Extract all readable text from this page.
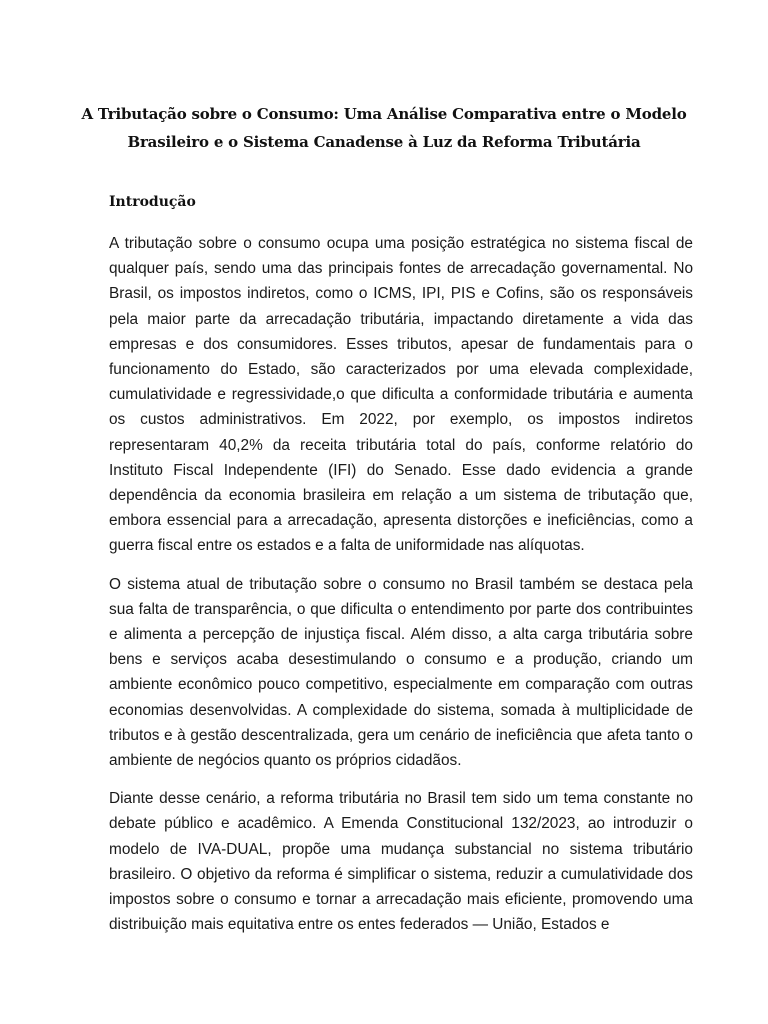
A Tributação sobre o Consumo: Uma Análise Comparativa entre o Modelo Brasileiro e o Sistema Canadense à Luz da Reforma Tributária
Introdução

A tributação sobre o consumo ocupa uma posição estratégica no sistema fiscal de qualquer país, sendo uma das principais fontes de arrecadação governamental. No Brasil, os impostos indiretos, como o ICMS, IPI, PIS e Cofins, são os responsáveis pela maior parte da arrecadação tributária, impactando diretamente a vida das empresas e dos consumidores. Esses tributos, apesar de fundamentais para o funcionamento do Estado, são caracterizados por uma elevada complexidade, cumulatividade e regressividade,o que dificulta a conformidade tributária e aumenta os custos administrativos. Em 2022, por exemplo, os impostos indiretos representaram 40,2% da receita tributária total do país, conforme relatório do Instituto Fiscal Independente (IFI) do Senado. Esse dado evidencia a grande dependência da economia brasileira em relação a um sistema de tributação que, embora essencial para a arrecadação, apresenta distorções e ineficiências, como a guerra fiscal entre os estados e a falta de uniformidade nas alíquotas.

O sistema atual de tributação sobre o consumo no Brasil também se destaca pela sua falta de transparência, o que dificulta o entendimento por parte dos contribuintes e alimenta a percepção de injustiça fiscal. Além disso, a alta carga tributária sobre bens e serviços acaba desestimulando o consumo e a produção, criando um ambiente econômico pouco competitivo, especialmente em comparação com outras economias desenvolvidas. A complexidade do sistema, somada à multiplicidade de tributos e à gestão descentralizada, gera um cenário de ineficiência que afeta tanto o ambiente de negócios quanto os próprios cidadãos.

Diante desse cenário, a reforma tributária no Brasil tem sido um tema constante no debate público e acadêmico. A Emenda Constitucional 132/2023, ao introduzir o modelo de IVA-DUAL, propõe uma mudança substancial no sistema tributário brasileiro. O objetivo da reforma é simplificar o sistema, reduzir a cumulatividade dos impostos sobre o consumo e tornar a arrecadação mais eficiente, promovendo uma distribuição mais equitativa entre os entes federados — União, Estados e
